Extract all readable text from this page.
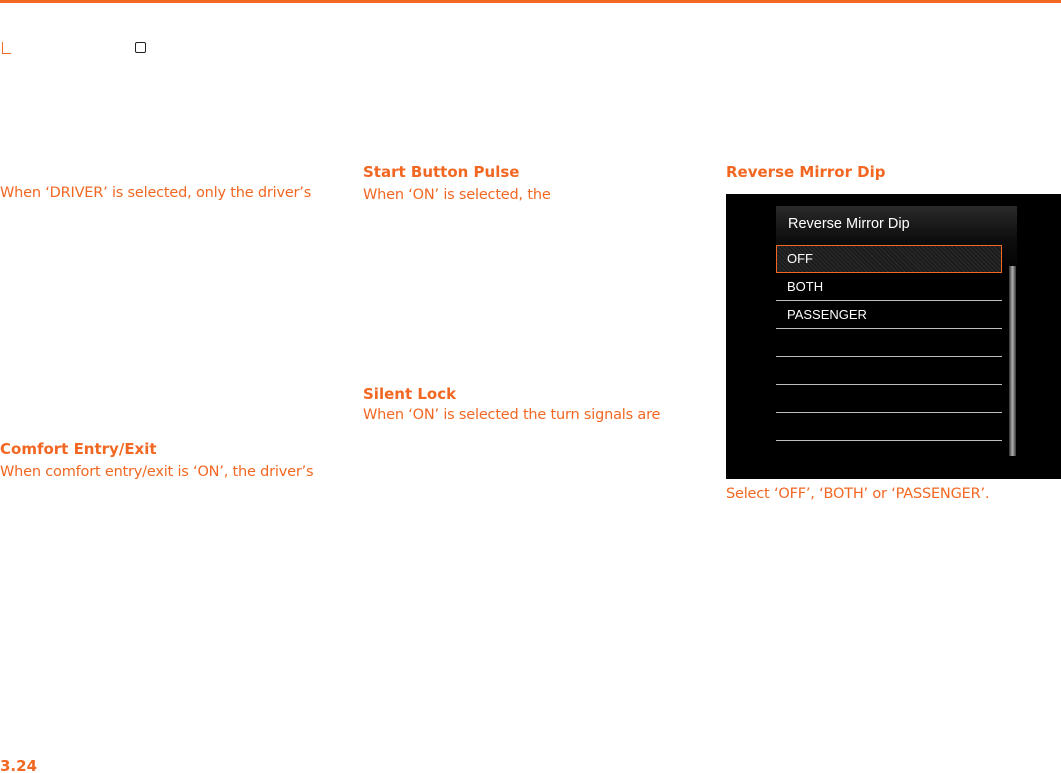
When ‘DRIVER’ is selected, only the driver’s

Comfort Entry/Exit

When comfort entry/exit is ‘ON’, the driver’s

Start Button Pulse

When ‘ON’ is selected, the

Silent Lock

When ‘ON’ is selected the turn signals are

Reverse Mirror Dip
Reverse Mirror Dip
OFF
BOTH
PASSENGER

Select ‘OFF’, ‘BOTH’ or ‘PASSENGER’.

3.24
